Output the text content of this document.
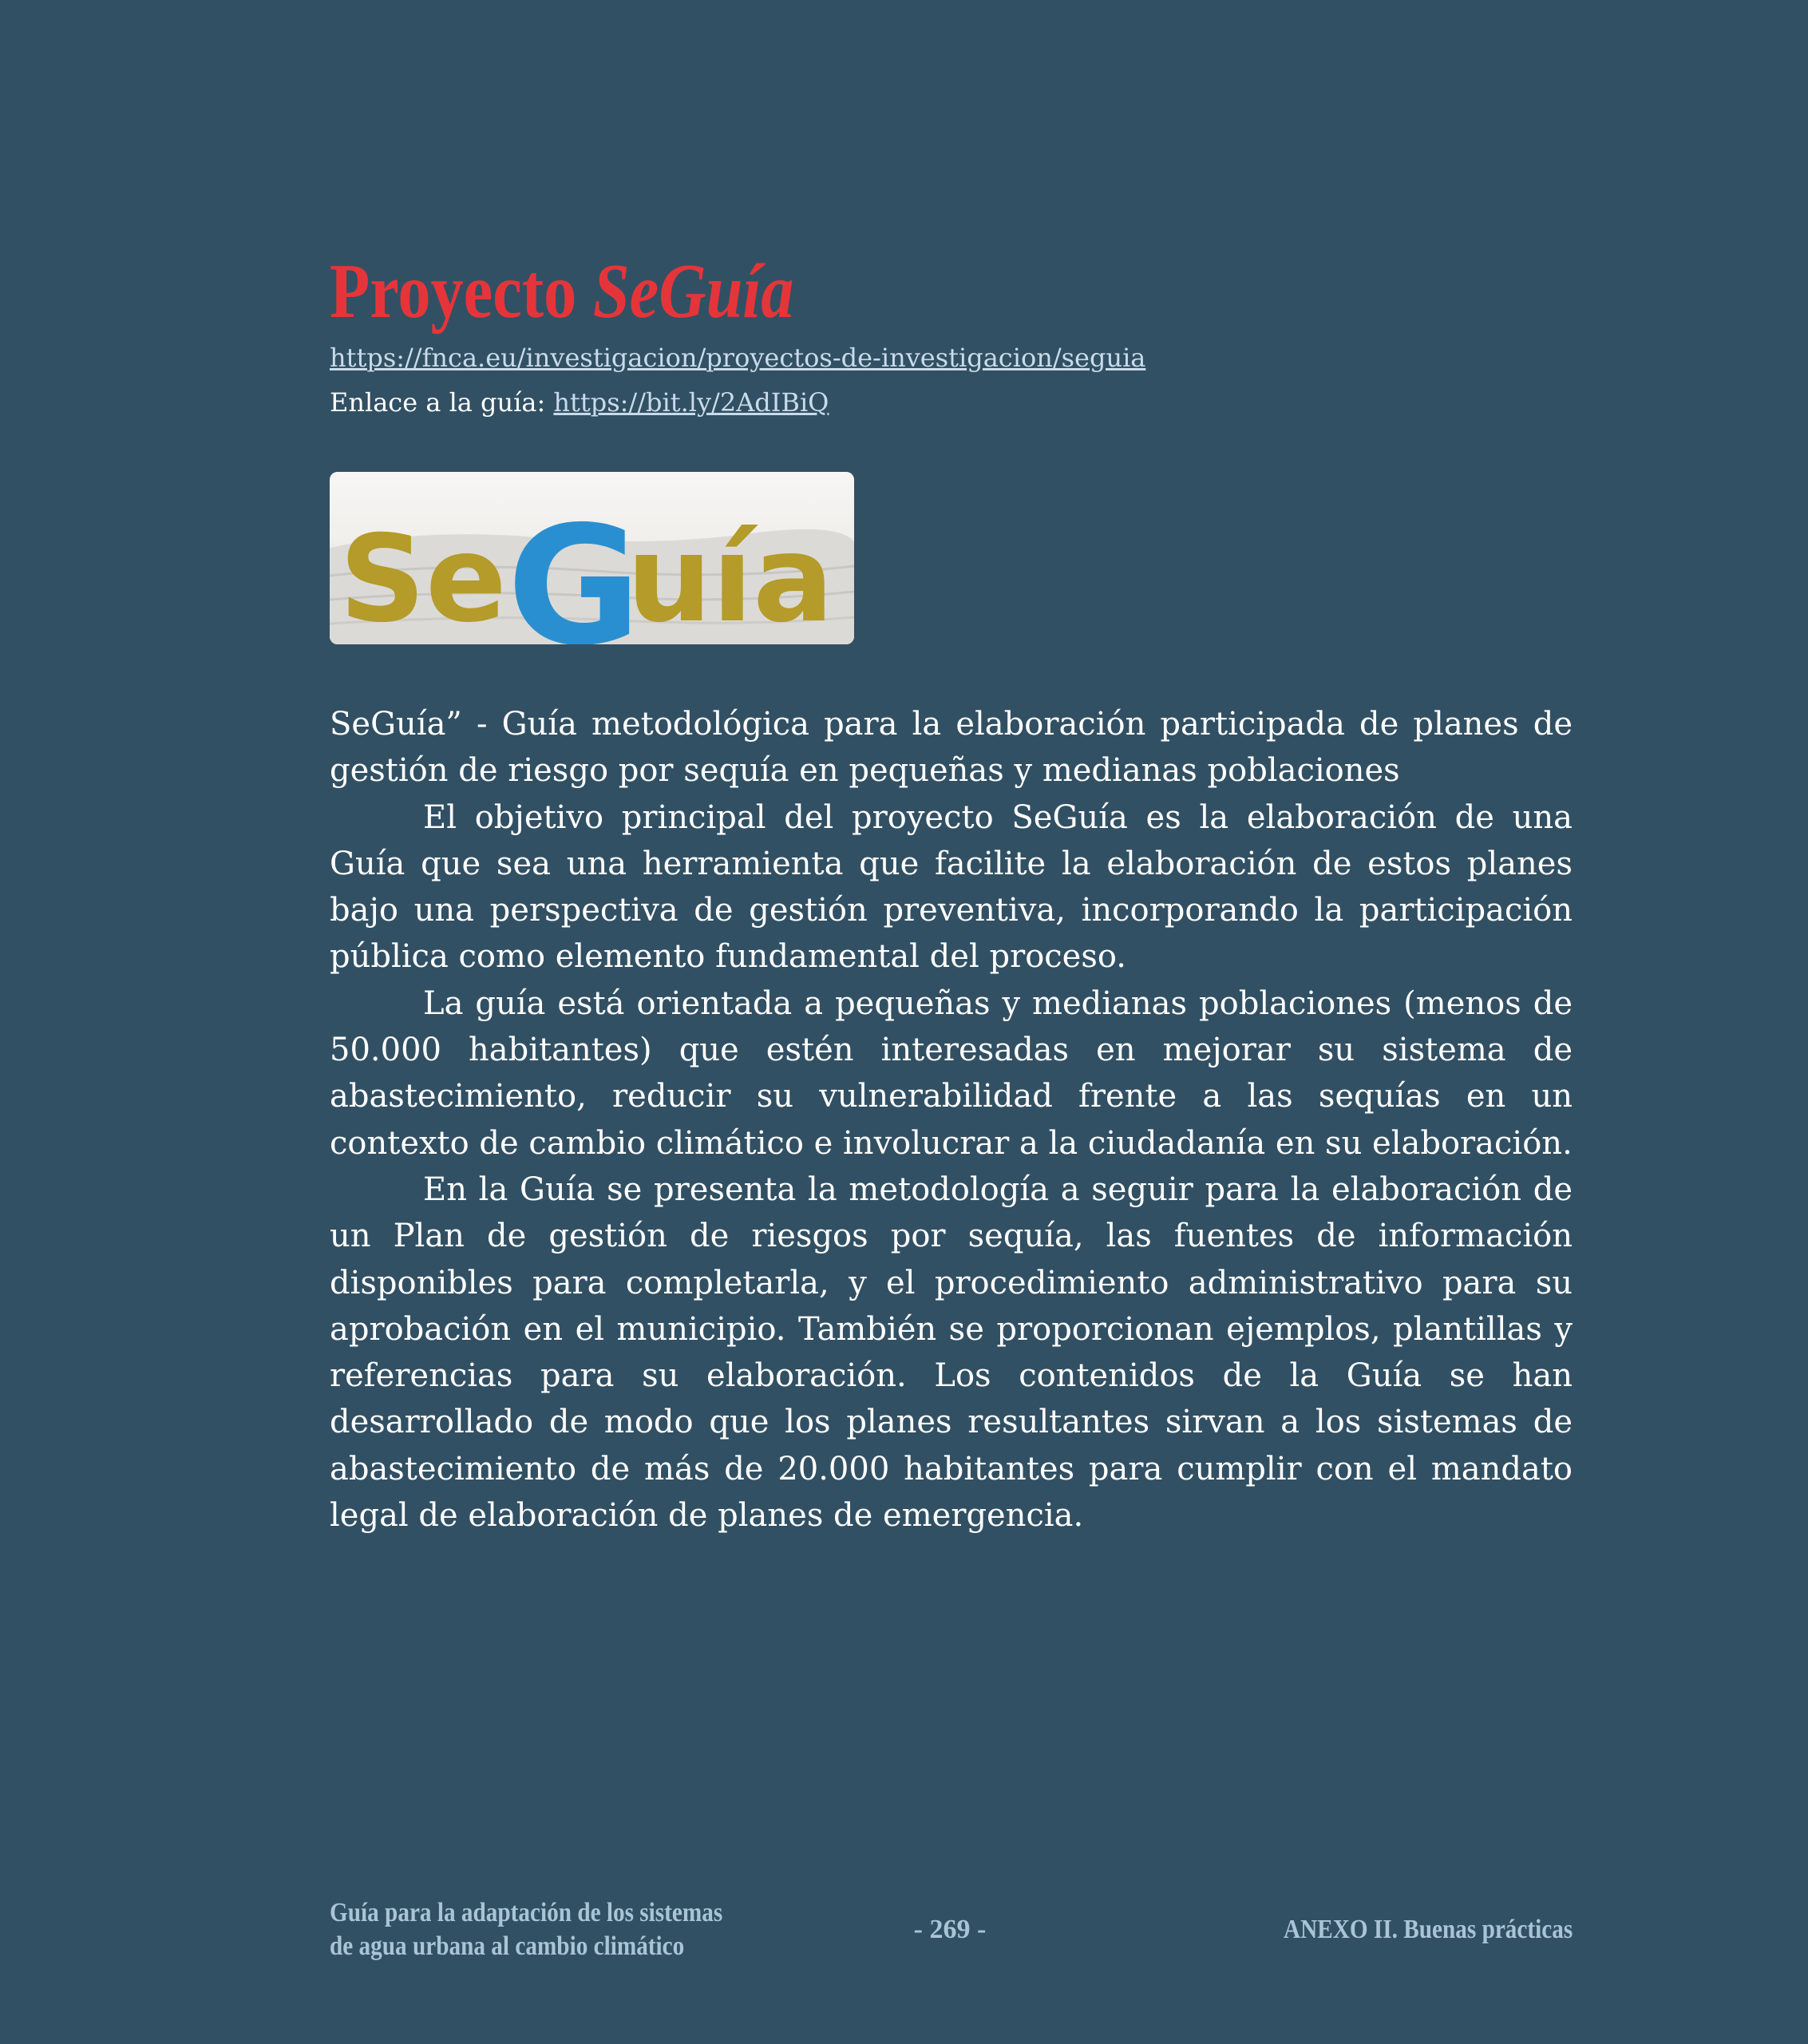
Proyecto SeGuía
https://fnca.eu/investigacion/proyectos-de-investigacion/seguia
Enlace a la guía: https://bit.ly/2AdIBiQ
Se G
uía

SeGuía” - Guía metodológica para la elaboración participada de planes de gestión de riesgo por sequía en pequeñas y medianas poblaciones

El objetivo principal del proyecto SeGuía es la elaboración de una Guía que sea una herramienta que facilite la elaboración de estos planes bajo una perspectiva de gestión preventiva, incorporando la participación pública como elemento fundamental del proceso.

La guía está orientada a pequeñas y medianas poblaciones (menos de 50.000 habitantes) que estén interesadas en mejorar su sistema de abastecimiento, reducir su vulnerabilidad frente a las sequías en un contexto de cambio climático e involucrar a la ciudadanía en su elaboración.

En la Guía se presenta la metodología a seguir para la elaboración de un Plan de gestión de riesgos por sequía, las fuentes de información disponibles para completarla, y el procedimiento administrativo para su aprobación en el municipio. También se proporcionan ejemplos, plantillas y referencias para su elaboración. Los contenidos de la Guía se han desarrollado de modo que los planes resultantes sirvan a los sistemas de abastecimiento de más de 20.000 habitantes para cumplir con el mandato legal de elaboración de planes de emergencia.

Guía para la adaptación de los sistemas
de agua urbana al cambio climático
- 269 -	ANEXO II. Buenas prácticas
